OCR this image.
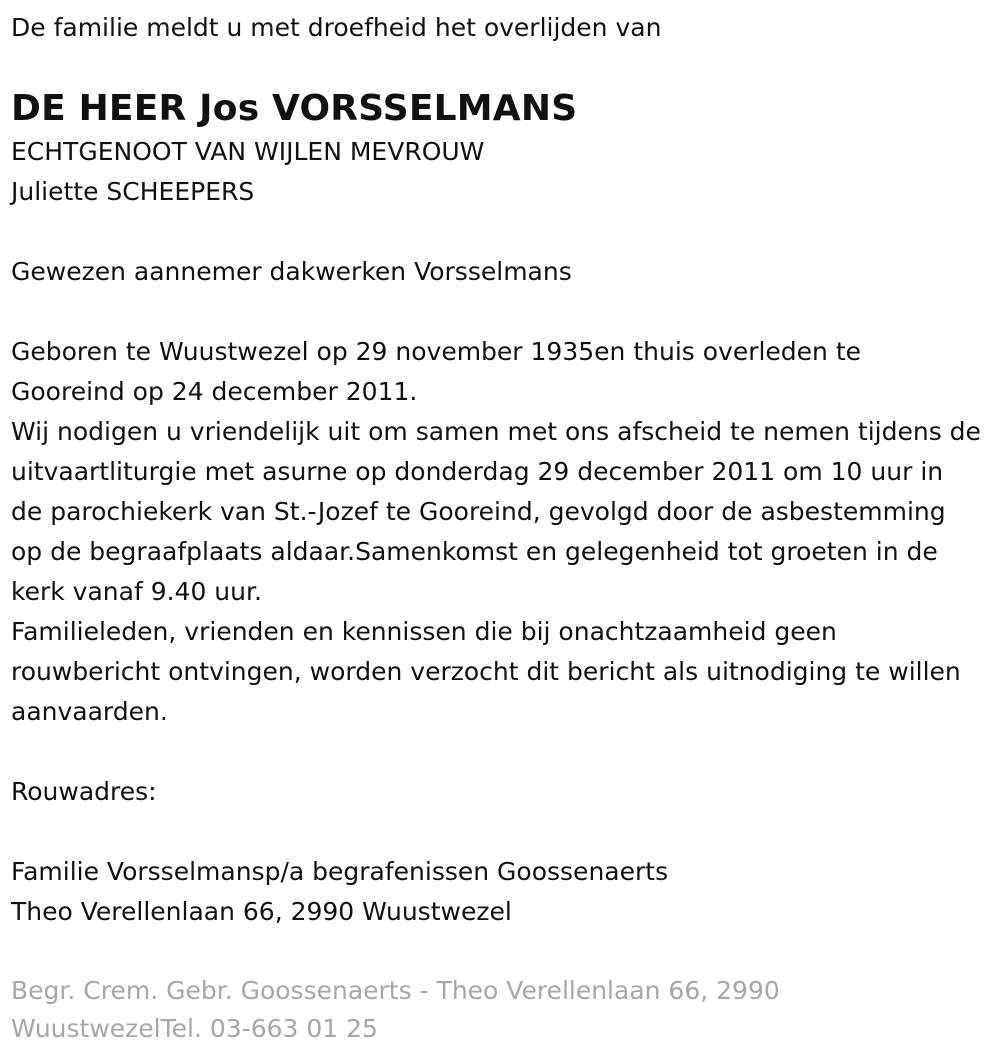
De familie meldt u met droefheid het overlijden van

DE HEER Jos VORSSELMANS

ECHTGENOOT VAN WIJLEN MEVROUW

Juliette SCHEEPERS

Gewezen aannemer dakwerken Vorsselmans

Geboren te Wuustwezel op 29 november 1935en thuis overleden te Gooreind op 24 december 2011.

Wij nodigen u vriendelijk uit om samen met ons afscheid te nemen tijdens de uitvaartliturgie met asurne op donderdag 29 december 2011 om 10 uur in de parochiekerk van St.-Jozef te Gooreind, gevolgd door de asbestemming op de begraafplaats aldaar.Samenkomst en gelegenheid tot groeten in de kerk vanaf 9.40 uur.

Familieleden, vrienden en kennissen die bij onachtzaamheid geen rouwbericht ontvingen, worden verzocht dit bericht als uitnodiging te willen aanvaarden.

Rouwadres:

Familie Vorsselmansp/a begrafenissen Goossenaerts

Theo Verellenlaan 66, 2990 Wuustwezel

Begr. Crem. Gebr. Goossenaerts - Theo Verellenlaan 66, 2990
WuustwezelTel. 03-663 01 25
